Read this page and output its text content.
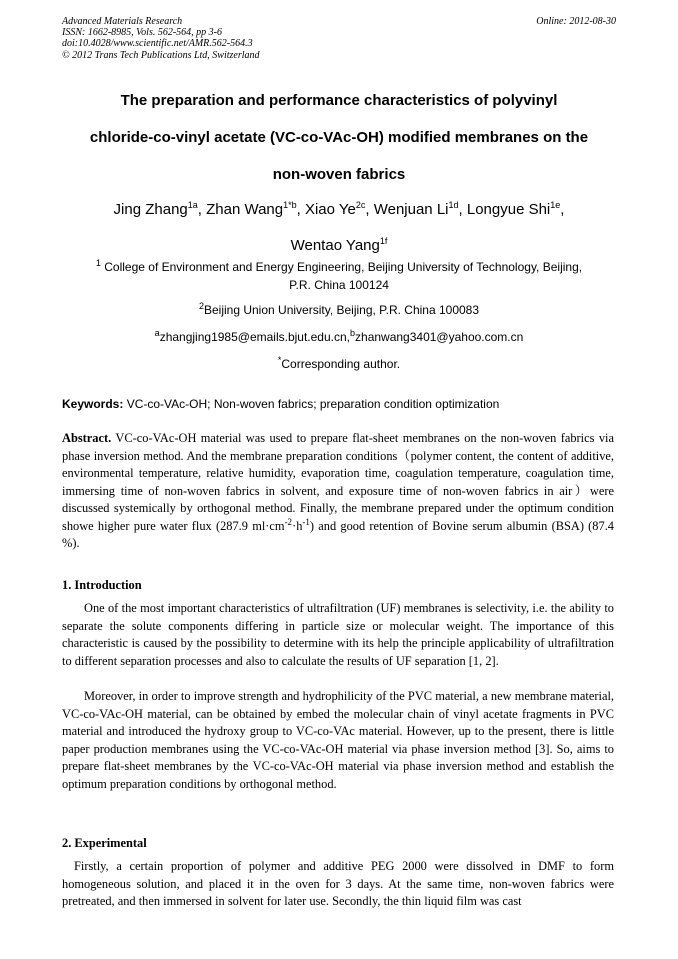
Advanced Materials Research
ISSN: 1662-8985, Vols. 562-564, pp 3-6
doi:10.4028/www.scientific.net/AMR.562-564.3
© 2012 Trans Tech Publications Ltd, Switzerland
Online: 2012-08-30
The preparation and performance characteristics of polyvinyl
chloride-co-vinyl acetate (VC-co-VAc-OH) modified membranes on the
non-woven fabrics
Jing Zhang$^{1a}$, Zhan Wang$^{1*b}$, Xiao $Ye^{2c}$, Wenjuan $Li^{1d}$, Longyue Shi$^{1e}$,
Wentao Yang$^{1f}$
$^1$ College of Environment and Energy Engineering, Beijing University of Technology, Beijing,
P.R. China 100124
$^2$Beijing Union University, Beijing, P.R. China 100083
$^a$zhangjing1985@emails.bjut.edu.cn,$^b$zhanwang3401@yahoo.com.cn
*Corresponding author.
Keywords: VC-co-VAc-OH; Non-woven fabrics; preparation condition optimization
Abstract. VC-co-VAc-OH material was used to prepare flat-sheet membranes on the non-woven fabrics via phase inversion method. And the membrane preparation conditions（polymer content, the content of additive, environmental temperature, relative humidity, evaporation time, coagulation temperature, coagulation time, immersing time of non-woven fabrics in solvent, and exposure time of non-woven fabrics in air）were discussed systemically by orthogonal method. Finally, the membrane prepared under the optimum condition showe higher pure water flux (287.9 $ml\cdot cm^{-2}\cdot h^{-1}$) and good retention of Bovine serum albumin (BSA) (87.4 %).
1. Introduction
One of the most important characteristics of ultrafiltration (UF) membranes is selectivity, i.e. the ability to separate the solute components differing in particle size or molecular weight. The importance of this characteristic is caused by the possibility to determine with its help the principle applicability of ultrafiltration to different separation processes and also to calculate the results of UF separation [1, 2].
Moreover, in order to improve strength and hydrophilicity of the PVC material, a new membrane material, VC-co-VAc-OH material, can be obtained by embed the molecular chain of vinyl acetate fragments in PVC material and introduced the hydroxy group to VC-co-VAc material. However, up to the present, there is little paper production membranes using the VC-co-VAc-OH material via phase inversion method [3]. So, aims to prepare flat-sheet membranes by the VC-co-VAc-OH material via phase inversion method and establish the optimum preparation conditions by orthogonal method.
2. Experimental
Firstly, a certain proportion of polymer and additive PEG 2000 were dissolved in DMF to form homogeneous solution, and placed it in the oven for 3 days. At the same time, non-woven fabrics were pretreated, and then immersed in solvent for later use. Secondly, the thin liquid film was cast
